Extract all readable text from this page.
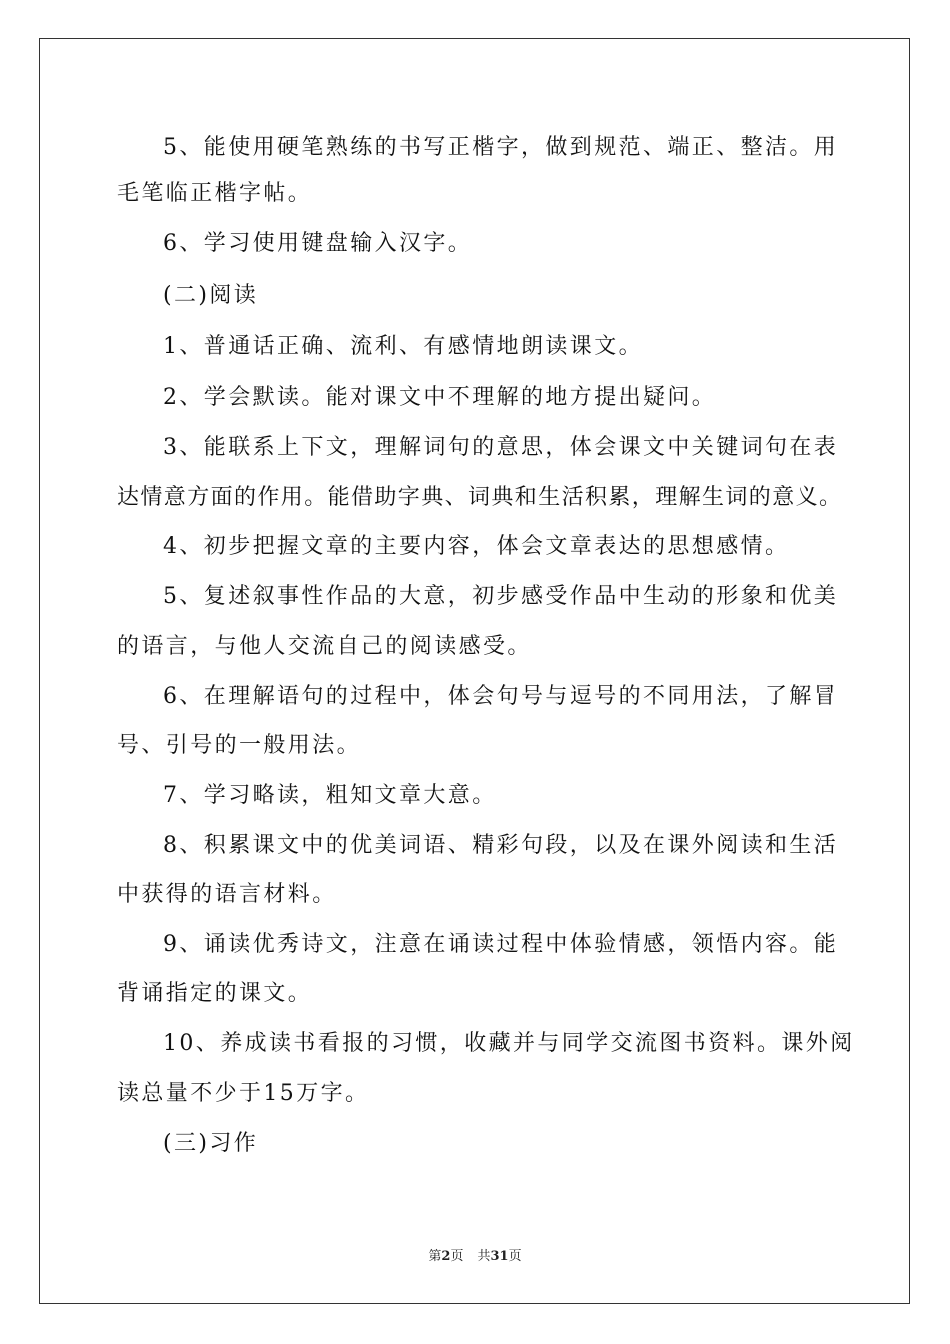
5、能使用硬笔熟练的书写正楷字，做到规范、端正、整洁。用
毛笔临正楷字帖。
6、学习使用键盘输入汉字。
(二)阅读
1、普通话正确、流利、有感情地朗读课文。
2、学会默读。能对课文中不理解的地方提出疑问。
3、能联系上下文，理解词句的意思，体会课文中关键词句在表
达情意方面的作用。能借助字典、词典和生活积累，理解生词的意义。
4、初步把握文章的主要内容，体会文章表达的思想感情。
5、复述叙事性作品的大意，初步感受作品中生动的形象和优美
的语言，与他人交流自己的阅读感受。
6、在理解语句的过程中，体会句号与逗号的不同用法，了解冒
号、引号的一般用法。
7、学习略读，粗知文章大意。
8、积累课文中的优美词语、精彩句段，以及在课外阅读和生活
中获得的语言材料。
9、诵读优秀诗文，注意在诵读过程中体验情感，领悟内容。能
背诵指定的课文。
10、养成读书看报的习惯，收藏并与同学交流图书资料。课外阅
读总量不少于15万字。
(三)习作
第2页 共31页
